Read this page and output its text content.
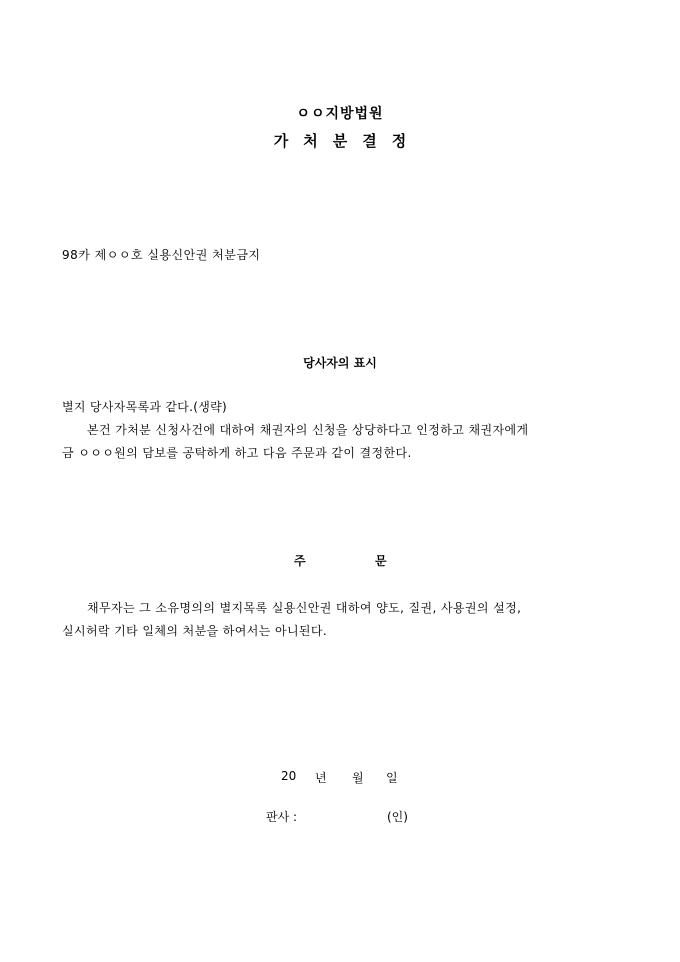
ㅇㅇ지방법원
가처분결정
98카 제ㅇㅇ호 실용신안권 처분금지
당사자의 표시
별지 당사자목록과 같다.(생략)
본건 가처분 신청사건에 대하여 채권자의 신청을 상당하다고 인정하고 채권자에게
금 ㅇㅇㅇ원의 담보를 공탁하게 하고 다음 주문과 같이 결정한다.
주	문
채무자는 그 소유명의의 별지목록 실용신안권 대하여 양도, 질권, 사용권의 설정,
실시허락 기타 일체의 처분을 하여서는 아니된다.
20 년 월 일
판사 :	(인)
